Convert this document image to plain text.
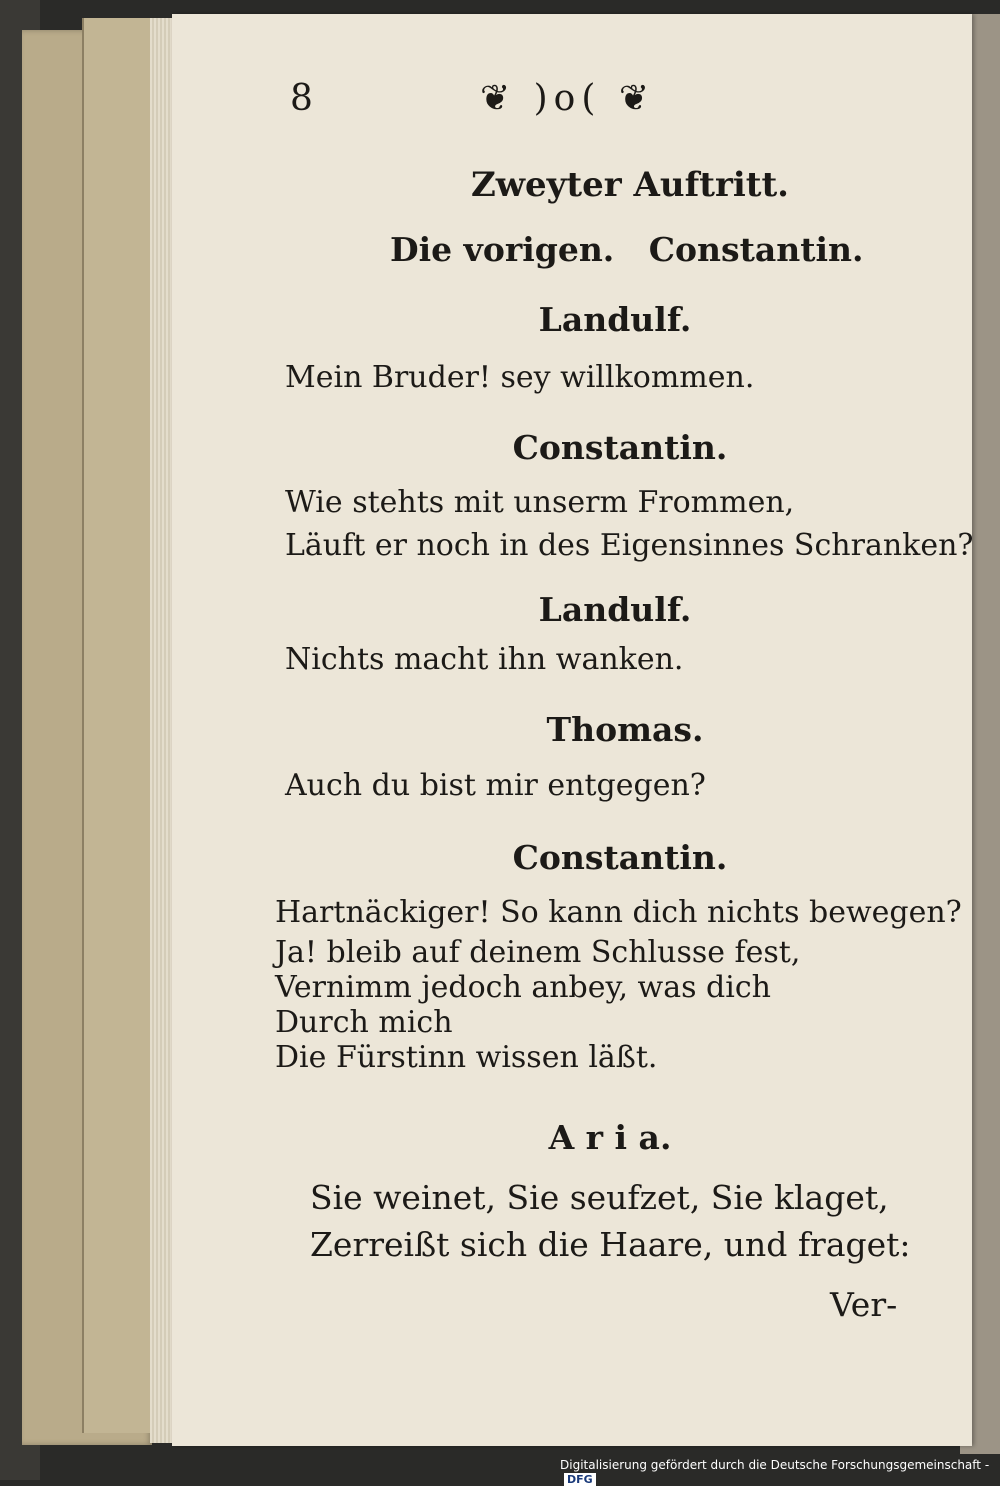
8	❦ )o( ❦
Zweyter Auftritt.
Die vorigen.   Constantin.
Landulf.
Mein Bruder! sey willkommen.
Constantin.
Wie stehts mit unserm Frommen,
Läuft er noch in des Eigensinnes Schranken?
Landulf.
Nichts macht ihn wanken.
Thomas.
Auch du bist mir entgegen?
Constantin.
Hartnäckiger! So kann dich nichts bewegen?
Ja! bleib auf deinem Schlusse fest,
Vernimm jedoch anbey, was dich
Durch mich
Die Fürstinn wissen läßt.
A r i a.
Sie weinet, Sie seufzet, Sie klaget,
Zerreißt sich die Haare, und fraget:
Ver-
Digitalisierung gefördert durch die Deutsche Forschungsgemeinschaft -DFG
